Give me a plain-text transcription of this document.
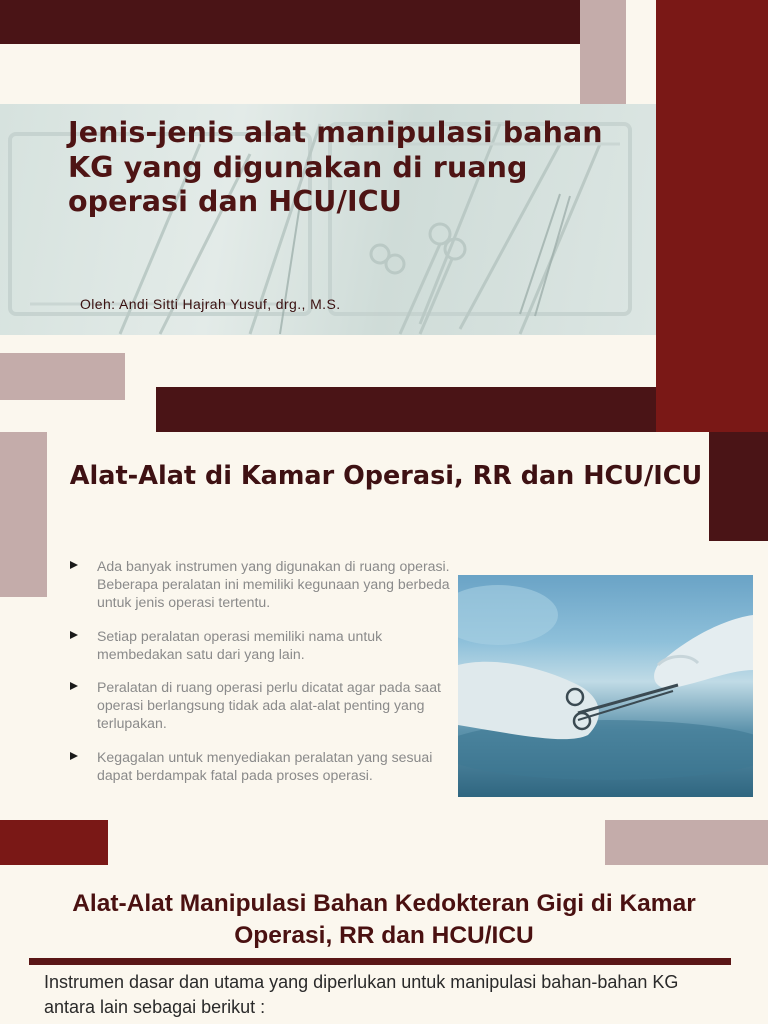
Jenis-jenis alat manipulasi bahan KG yang digunakan di ruang operasi dan HCU/ICU

Oleh: Andi Sitti Hajrah Yusuf, drg., M.S.

Alat-Alat di Kamar Operasi, RR dan HCU/ICU
Ada banyak instrumen yang digunakan di ruang operasi. Beberapa peralatan ini memiliki kegunaan yang berbeda untuk jenis operasi tertentu.
Setiap peralatan operasi memiliki nama untuk membedakan satu dari yang lain.
Peralatan di ruang operasi perlu dicatat agar pada saat operasi berlangsung tidak ada alat-alat penting yang terlupakan.
Kegagalan untuk menyediakan peralatan yang sesuai dapat berdampak fatal pada proses operasi.
Alat-Alat Manipulasi Bahan Kedokteran Gigi di Kamar Operasi, RR dan HCU/ICU

Instrumen dasar dan utama yang diperlukan untuk manipulasi bahan-bahan KG antara lain sebagai berikut :
